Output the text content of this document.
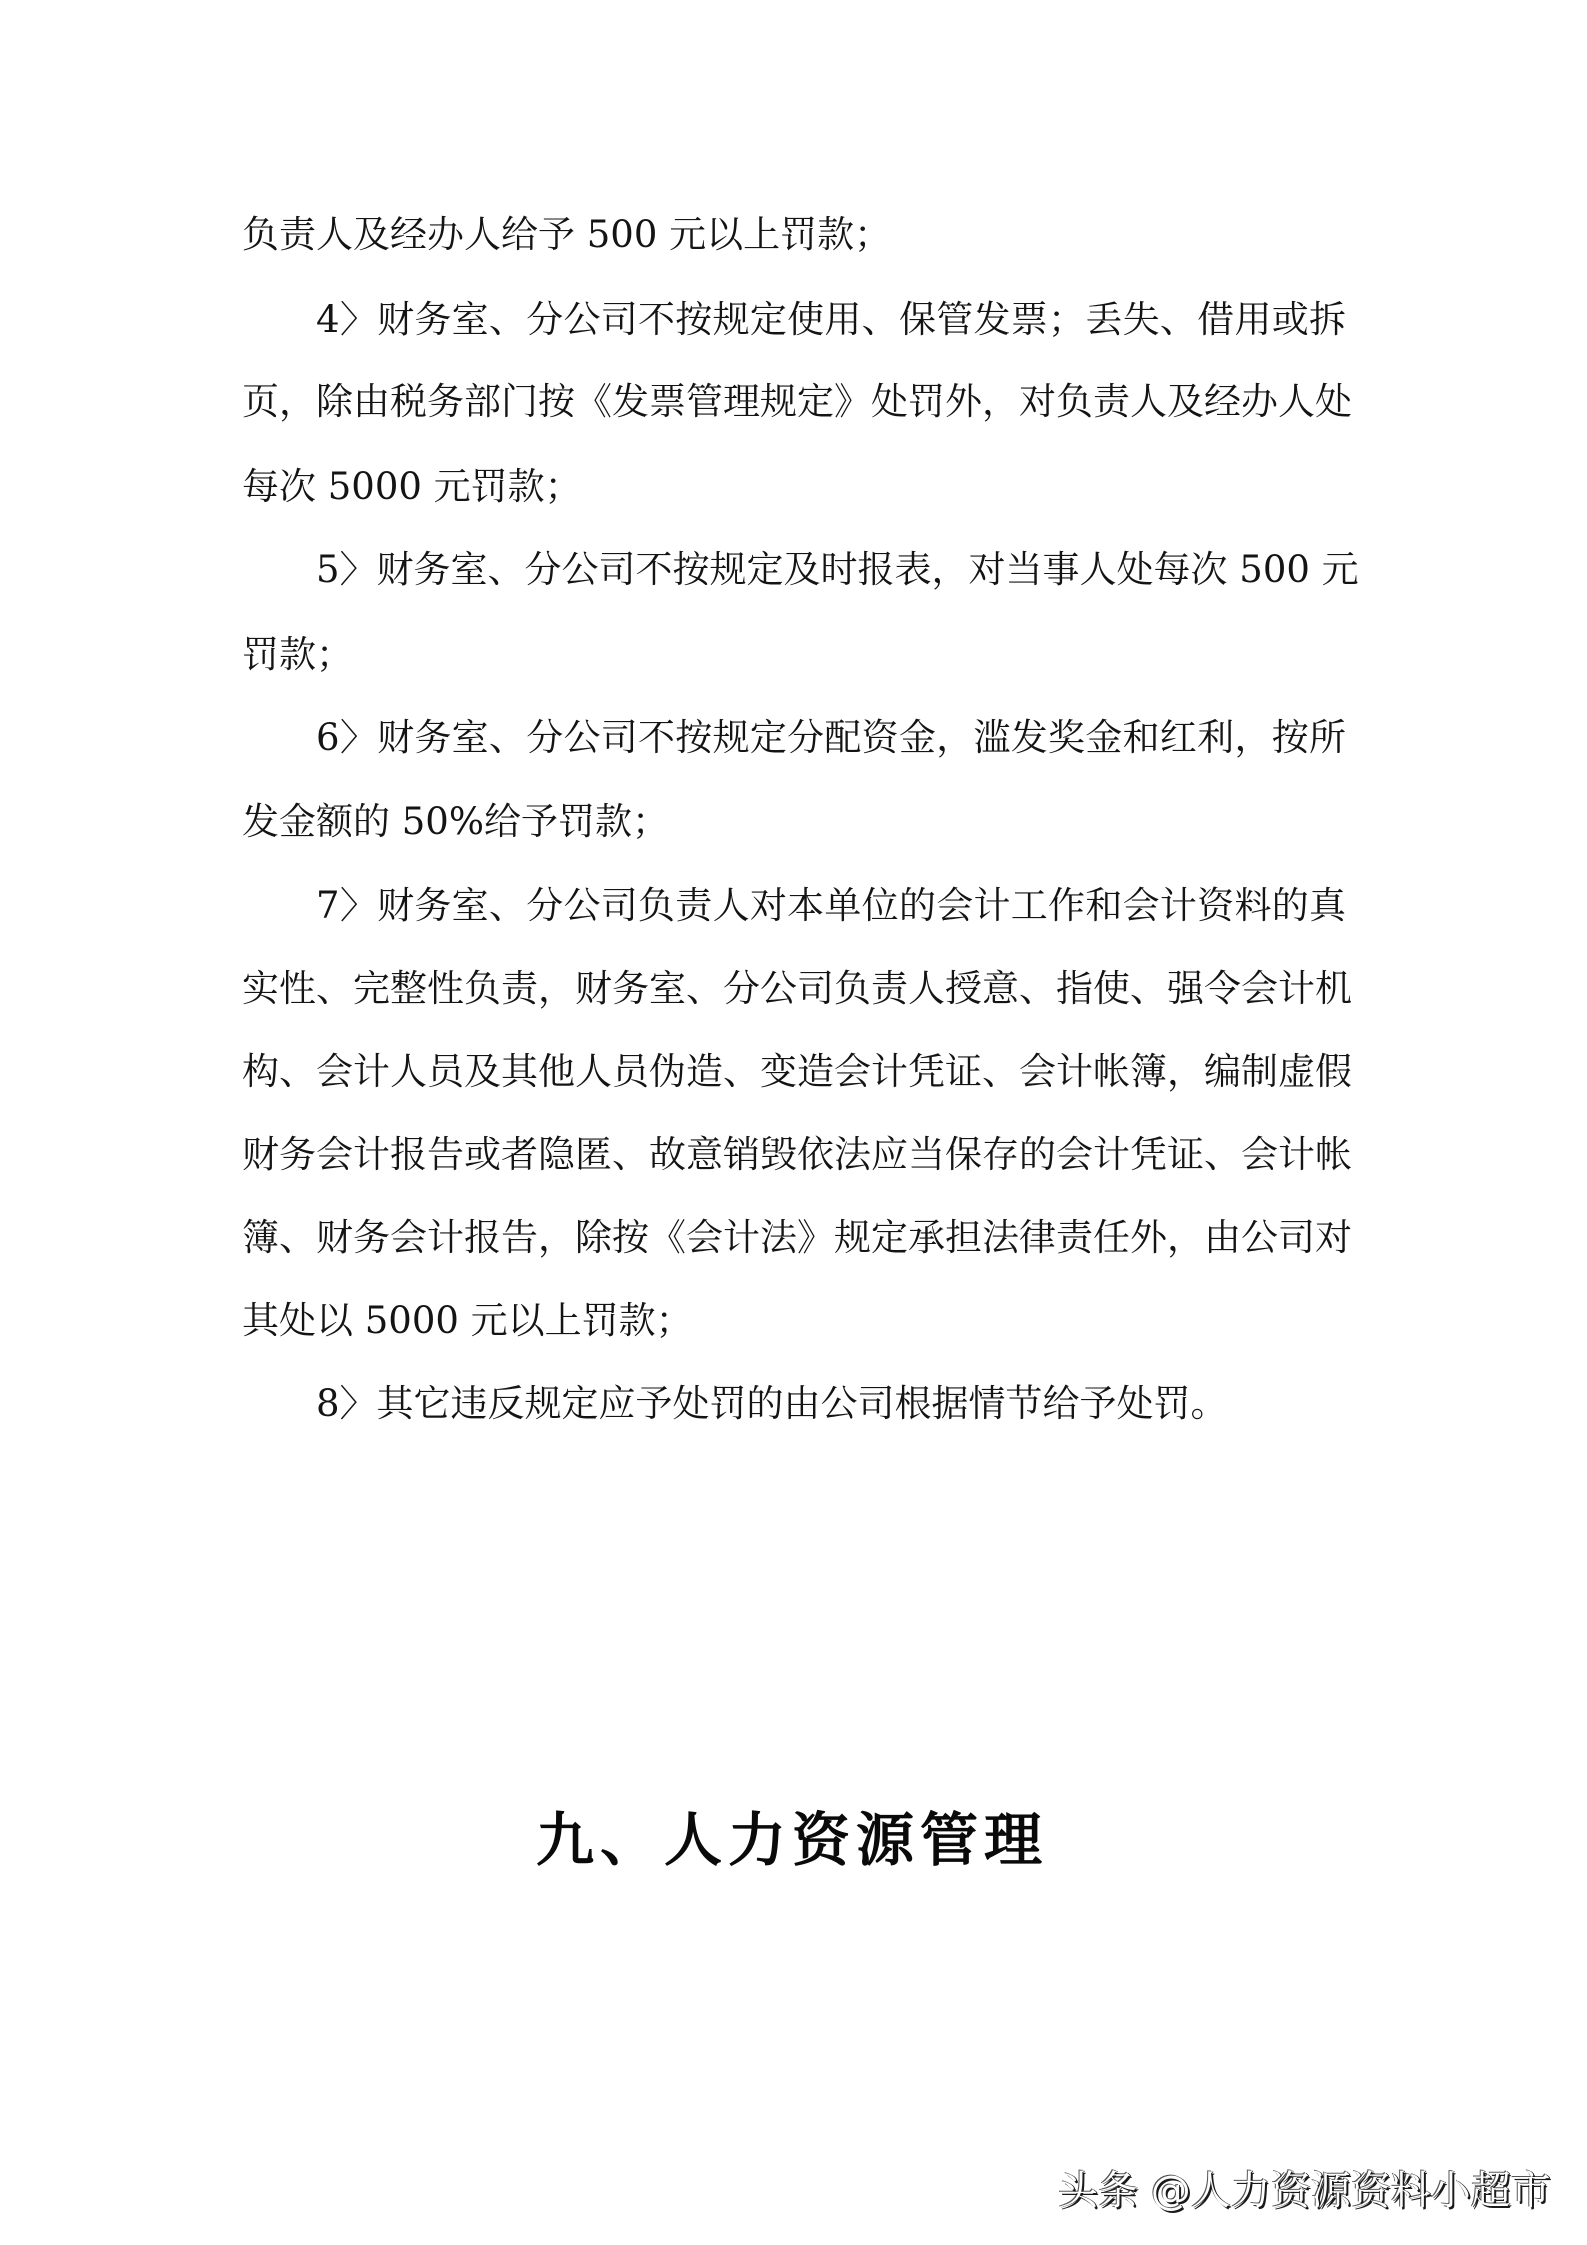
负责人及经办人给予 500 元以上罚款；
4〉财务室、分公司不按规定使用、保管发票；丢失、借用或拆
页，除由税务部门按《发票管理规定》处罚外，对负责人及经办人处
每次 5000 元罚款；
5〉财务室、分公司不按规定及时报表，对当事人处每次 500 元
罚款；
6〉财务室、分公司不按规定分配资金，滥发奖金和红利，按所
发金额的 50%给予罚款；
7〉财务室、分公司负责人对本单位的会计工作和会计资料的真
实性、完整性负责，财务室、分公司负责人授意、指使、强令会计机
构、会计人员及其他人员伪造、变造会计凭证、会计帐簿，编制虚假
财务会计报告或者隐匿、故意销毁依法应当保存的会计凭证、会计帐
簿、财务会计报告，除按《会计法》规定承担法律责任外，由公司对
其处以 5000 元以上罚款；
8〉其它违反规定应予处罚的由公司根据情节给予处罚。
九、人力资源管理
头条 @人力资源资料小超市
